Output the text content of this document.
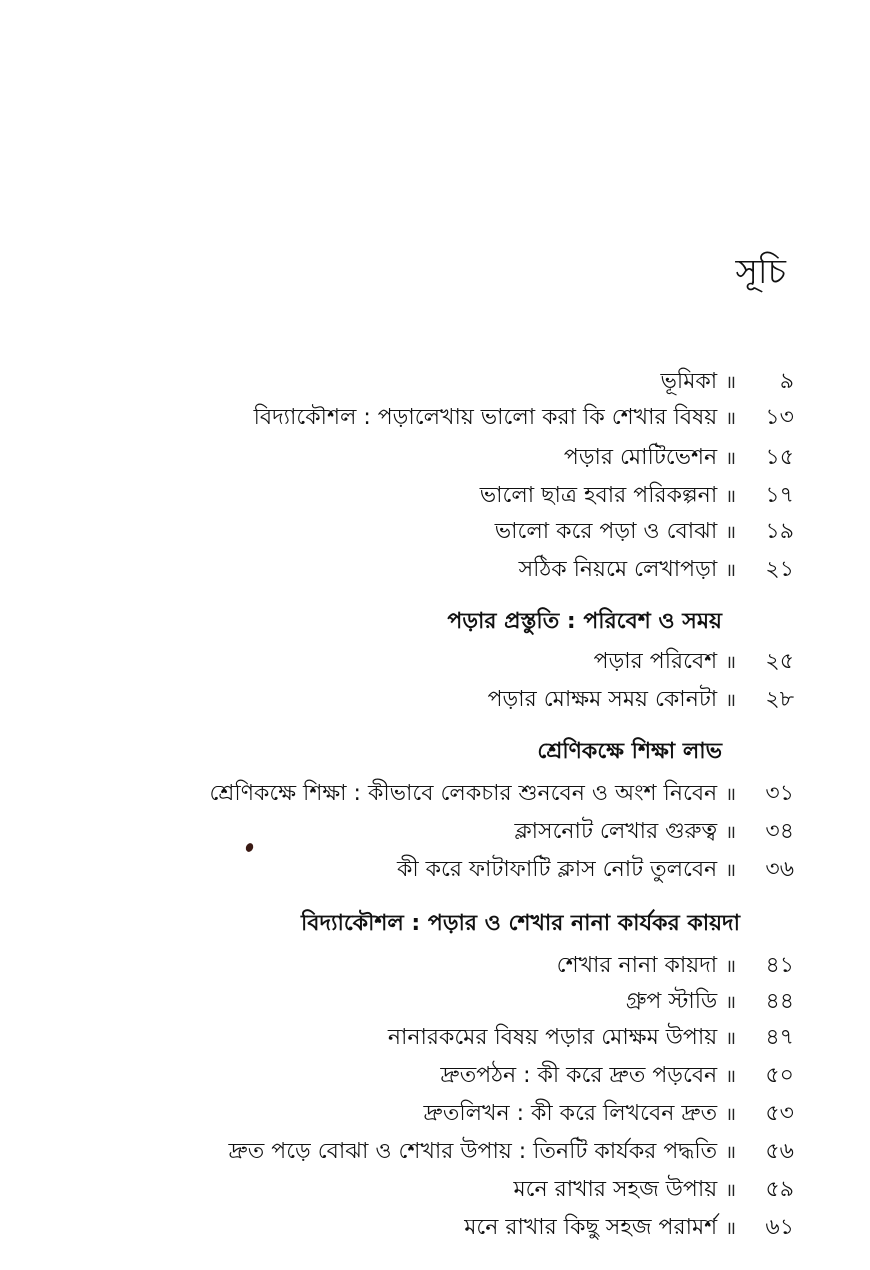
সূচি
ভূমিকা ॥	৯
বিদ্যাকৌশল : পড়ালেখায় ভালো করা কি শেখার বিষয় ॥	১৩
পড়ার মোটিভেশন ॥	১৫
ভালো ছাত্র হবার পরিকল্পনা ॥	১৭
ভালো করে পড়া ও বোঝা ॥	১৯
সঠিক নিয়মে লেখাপড়া ॥	২১
পড়ার প্রস্তুতি : পরিবেশ ও সময়
পড়ার পরিবেশ ॥	২৫
পড়ার মোক্ষম সময় কোনটা ॥	২৮
শ্রেণিকক্ষে শিক্ষা লাভ
শ্রেণিকক্ষে শিক্ষা : কীভাবে লেকচার শুনবেন ও অংশ নিবেন ॥	৩১
ক্লাসনোট লেখার গুরুত্ব ॥	৩৪
কী করে ফাটাফাটি ক্লাস নোট তুলবেন ॥	৩৬
বিদ্যাকৌশল : পড়ার ও শেখার নানা কার্যকর কায়দা
শেখার নানা কায়দা ॥	৪১
গ্রুপ স্টাডি ॥	৪৪
নানারকমের বিষয় পড়ার মোক্ষম উপায় ॥	৪৭
দ্রুতপঠন : কী করে দ্রুত পড়বেন ॥	৫০
দ্রুতলিখন : কী করে লিখবেন দ্রুত ॥	৫৩
দ্রুত পড়ে বোঝা ও শেখার উপায় : তিনটি কার্যকর পদ্ধতি ॥	৫৬
মনে রাখার সহজ উপায় ॥	৫৯
মনে রাখার কিছু সহজ পরামর্শ ॥	৬১
